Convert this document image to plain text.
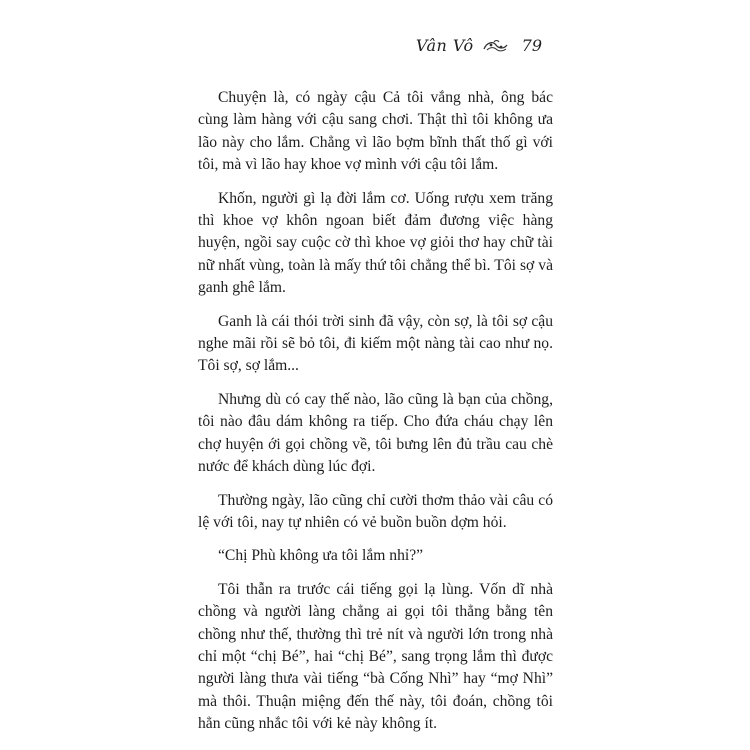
Vân Vô	79

Chuyện là, có ngày cậu Cả tôi vắng nhà, ông bác cùng làm hàng với cậu sang chơi. Thật thì tôi không ưa lão này cho lắm. Chẳng vì lão bợm bĩnh thất thố gì với tôi, mà vì lão hay khoe vợ mình với cậu tôi lắm.

Khốn, người gì lạ đời lắm cơ. Uống rượu xem trăng thì khoe vợ khôn ngoan biết đảm đương việc hàng huyện, ngồi say cuộc cờ thì khoe vợ giỏi thơ hay chữ tài nữ nhất vùng, toàn là mấy thứ tôi chẳng thể bì. Tôi sợ và ganh ghê lắm.

Ganh là cái thói trời sinh đã vậy, còn sợ, là tôi sợ cậu nghe mãi rồi sẽ bỏ tôi, đi kiếm một nàng tài cao như nọ. Tôi sợ, sợ lắm...

Nhưng dù có cay thế nào, lão cũng là bạn của chồng, tôi nào đâu dám không ra tiếp. Cho đứa cháu chạy lên chợ huyện ới gọi chồng về, tôi bưng lên đủ trầu cau chè nước để khách dùng lúc đợi.

Thường ngày, lão cũng chỉ cười thơm thảo vài câu có lệ với tôi, nay tự nhiên có vẻ buồn buồn dợm hỏi.

“Chị Phù không ưa tôi lắm nhỉ?”

Tôi thẫn ra trước cái tiếng gọi lạ lùng. Vốn dĩ nhà chồng và người làng chẳng ai gọi tôi thẳng bằng tên chồng như thế, thường thì trẻ nít và người lớn trong nhà chỉ một “chị Bé”, hai “chị Bé”, sang trọng lắm thì được người làng thưa vài tiếng “bà Cống Nhì” hay “mợ Nhì” mà thôi. Thuận miệng đến thế này, tôi đoán, chồng tôi hẳn cũng nhắc tôi với kẻ này không ít.
